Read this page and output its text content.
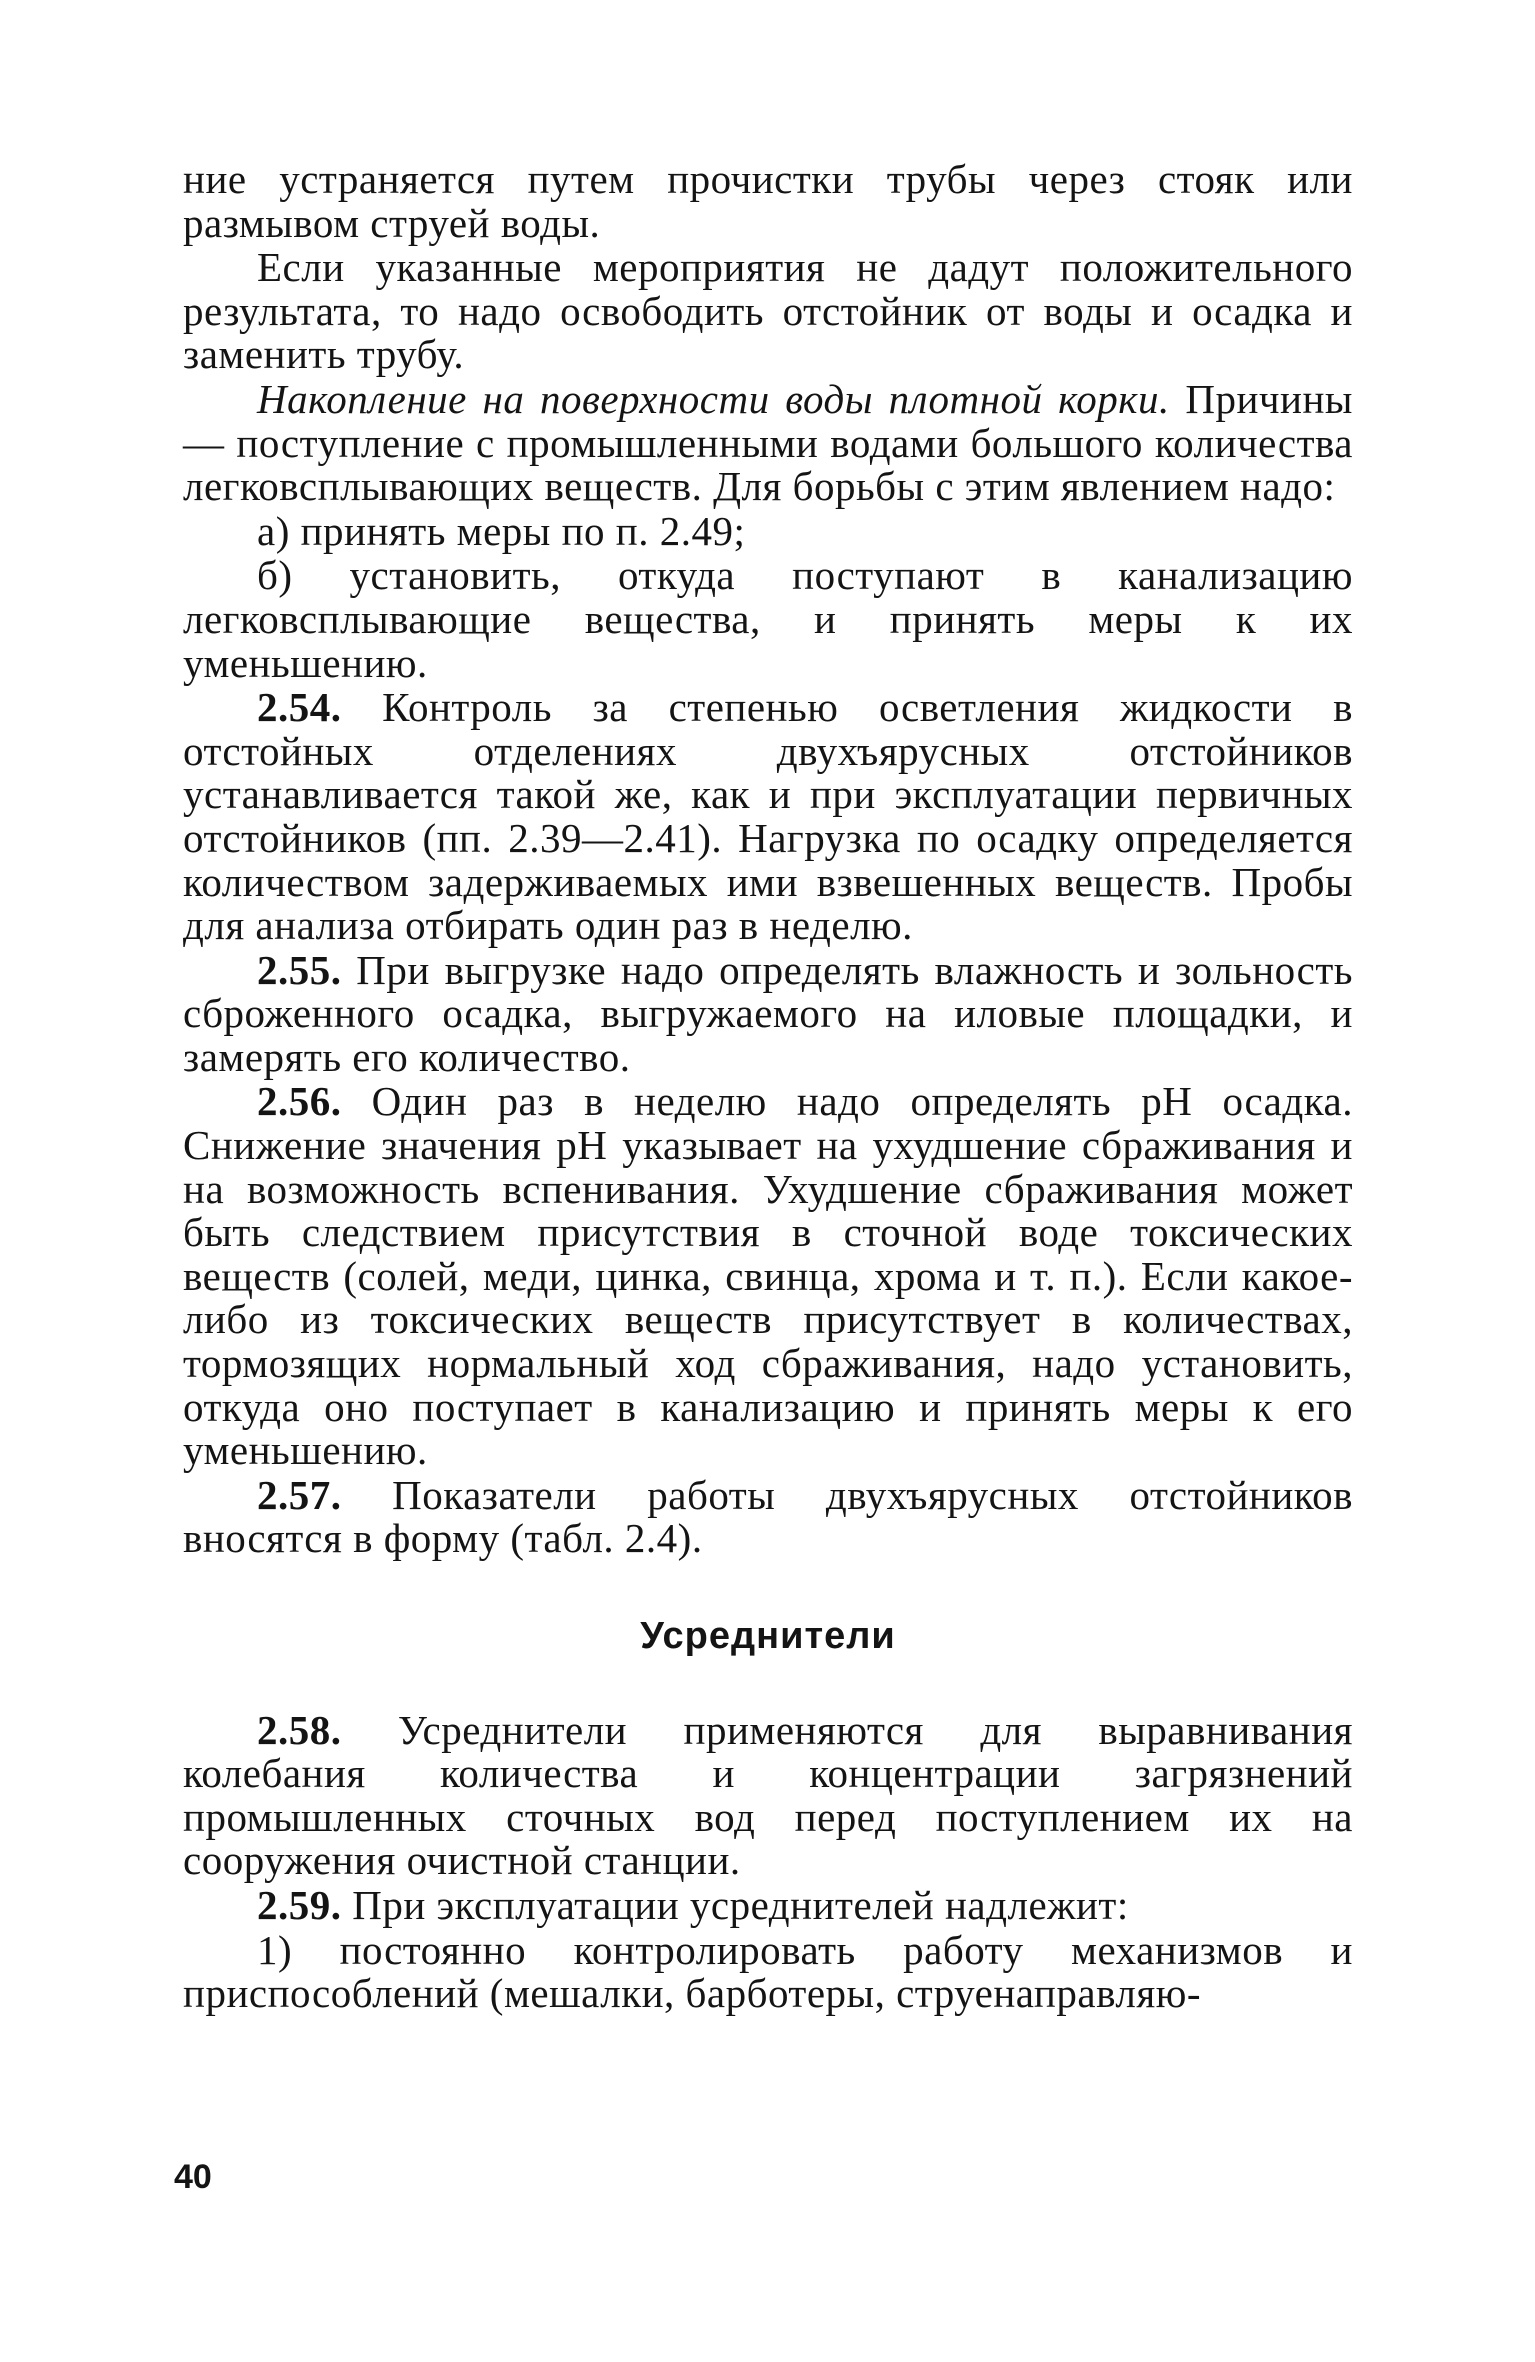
ние устраняется путем прочистки трубы через стояк или размывом струей воды.

Если указанные мероприятия не дадут положительного результата, то надо освободить отстойник от воды и осадка и заменить трубу.

Накопление на поверхности воды плотной корки. Причины — поступление с промышленными водами большого количества легковсплывающих веществ. Для борьбы с этим явлением надо:

а) принять меры по п. 2.49;

б) установить, откуда поступают в канализацию легковсплывающие вещества, и принять меры к их уменьшению.

2.54. Контроль за степенью осветления жидкости в отстойных отделениях двухъярусных отстойников устанавливается такой же, как и при эксплуатации первичных отстойников (пп. 2.39—2.41). Нагрузка по осадку определяется количеством задерживаемых ими взвешенных веществ. Пробы для анализа отбирать один раз в неделю.

2.55. При выгрузке надо определять влажность и зольность сброженного осадка, выгружаемого на иловые площадки, и замерять его количество.

2.56. Один раз в неделю надо определять рН осадка. Снижение значения рН указывает на ухудшение сбраживания и на возможность вспенивания. Ухудшение сбраживания может быть следствием присутствия в сточной воде токсических веществ (солей, меди, цинка, свинца, хрома и т. п.). Если какое-либо из токсических веществ присутствует в количествах, тормозящих нормальный ход сбраживания, надо установить, откуда оно поступает в канализацию и принять меры к его уменьшению.

2.57. Показатели работы двухъярусных отстойников вносятся в форму (табл. 2.4).

Усреднители

2.58. Усреднители применяются для выравнивания колебания количества и концентрации загрязнений промышленных сточных вод перед поступлением их на сооружения очистной станции.

2.59. При эксплуатации усреднителей надлежит:

1) постоянно контролировать работу механизмов и приспособлений (мешалки, барботеры, струенаправляю-

40
